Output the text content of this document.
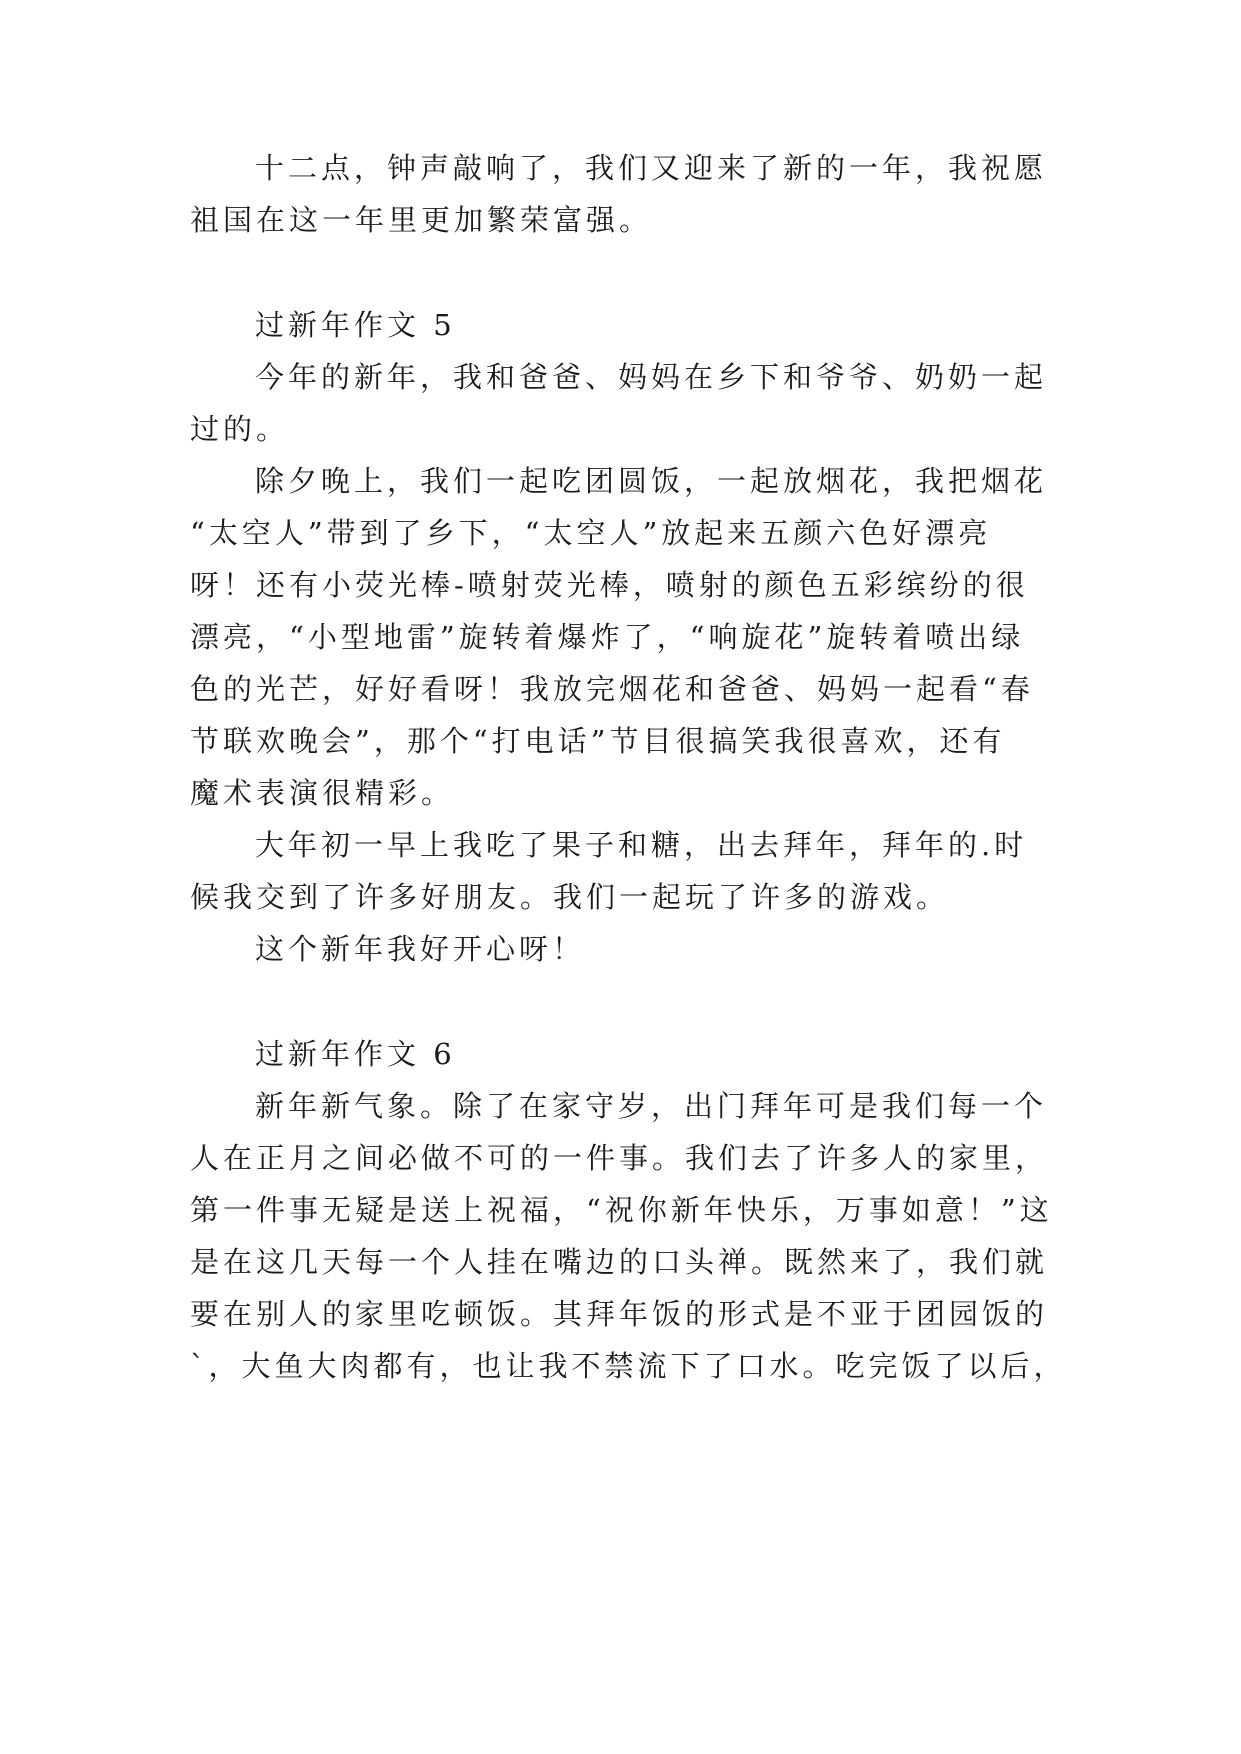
十二点，钟声敲响了，我们又迎来了新的一年，我祝愿
祖国在这一年里更加繁荣富强。
过新年作文 5
今年的新年，我和爸爸、妈妈在乡下和爷爷、奶奶一起
过的。
除夕晚上，我们一起吃团圆饭，一起放烟花，我把烟花
“太空人”带到了乡下，“太空人”放起来五颜六色好漂亮
呀！还有小荧光棒-喷射荧光棒，喷射的颜色五彩缤纷的很
漂亮，“小型地雷”旋转着爆炸了，“响旋花”旋转着喷出绿
色的光芒，好好看呀！我放完烟花和爸爸、妈妈一起看“春
节联欢晚会”，那个“打电话”节目很搞笑我很喜欢，还有
魔术表演很精彩。
大年初一早上我吃了果子和糖，出去拜年，拜年的.时
候我交到了许多好朋友。我们一起玩了许多的游戏。
这个新年我好开心呀！
过新年作文 6
新年新气象。除了在家守岁，出门拜年可是我们每一个
人在正月之间必做不可的一件事。我们去了许多人的家里，
第一件事无疑是送上祝福，“祝你新年快乐，万事如意！”这
是在这几天每一个人挂在嘴边的口头禅。既然来了，我们就
要在别人的家里吃顿饭。其拜年饭的形式是不亚于团园饭的
`，大鱼大肉都有，也让我不禁流下了口水。吃完饭了以后，
